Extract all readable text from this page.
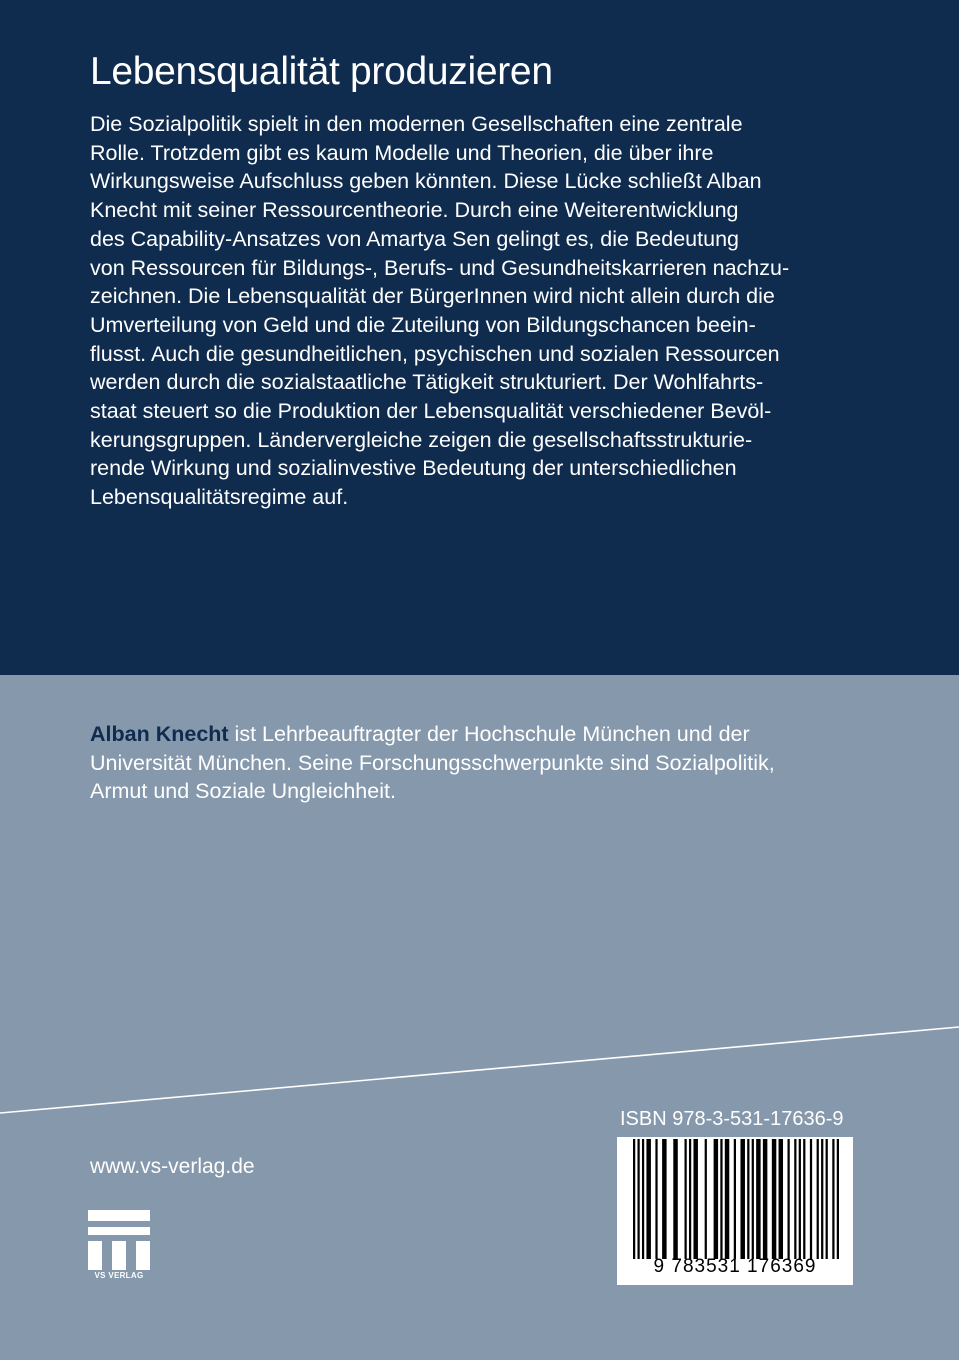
Lebensqualität produzieren
Die Sozialpolitik spielt in den modernen Gesellschaften eine zentrale
Rolle. Trotzdem gibt es kaum Modelle und Theorien, die über ihre
Wirkungsweise Aufschluss geben könnten. Diese Lücke schließt Alban
Knecht mit seiner Ressourcentheorie. Durch eine Weiterentwicklung
des Capability-Ansatzes von Amartya Sen gelingt es, die Bedeutung
von Ressourcen für Bildungs-, Berufs- und Gesundheitskarrieren nachzu-
zeichnen. Die Lebensqualität der BürgerInnen wird nicht allein durch die
Umverteilung von Geld und die Zuteilung von Bildungschancen beein-
flusst. Auch die gesundheitlichen, psychischen und sozialen Ressourcen
werden durch die sozialstaatliche Tätigkeit strukturiert. Der Wohlfahrts-
staat steuert so die Produktion der Lebensqualität verschiedener Bevöl-
kerungsgruppen. Ländervergleiche zeigen die gesellschaftsstrukturie-
rende Wirkung und sozialinvestive Bedeutung der unterschiedlichen
Lebensqualitätsregime auf.
Alban Knecht ist Lehrbeauftragter der Hochschule München und der
Universität München. Seine Forschungsschwerpunkte sind Sozialpolitik,
Armut und Soziale Ungleichheit.
www.vs-verlag.de
VS VERLAG
ISBN 978-3-531-17636-9
9 783531 176369
